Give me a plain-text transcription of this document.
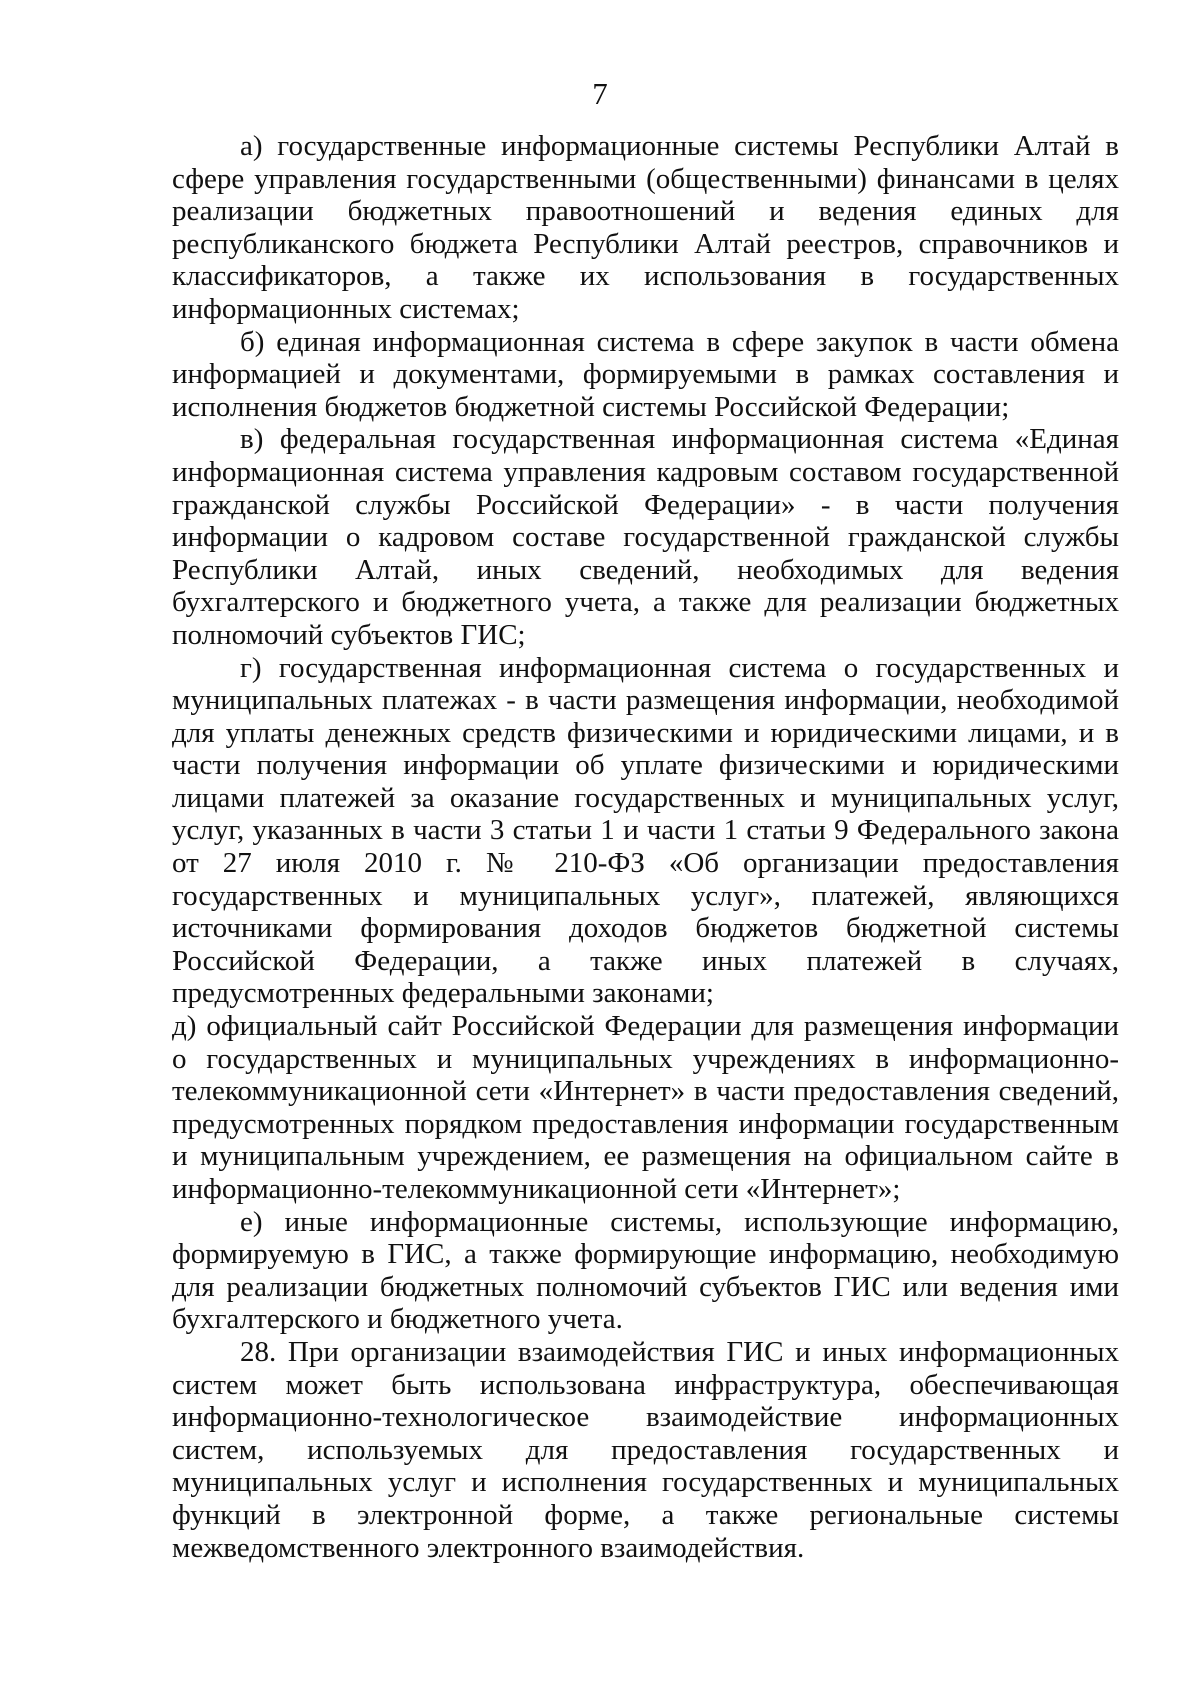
7

а) государственные информационные системы Республики Алтай в сфере управления государственными (общественными) финансами в целях реализации бюджетных правоотношений и ведения единых для республиканского бюджета Республики Алтай реестров, справочников и классификаторов, а также их использования в государственных информационных системах;

б) единая информационная система в сфере закупок в части обмена информацией и документами, формируемыми в рамках составления и исполнения бюджетов бюджетной системы Российской Федерации;

в) федеральная государственная информационная система «Единая информационная система управления кадровым составом государственной гражданской службы Российской Федерации» - в части получения информации о кадровом составе государственной гражданской службы Республики Алтай, иных сведений, необходимых для ведения бухгалтерского и бюджетного учета, а также для реализации бюджетных полномочий субъектов ГИС;

г) государственная информационная система о государственных и муниципальных платежах - в части размещения информации, необходимой для уплаты денежных средств физическими и юридическими лицами, и в части получения информации об уплате физическими и юридическими лицами платежей за оказание государственных и муниципальных услуг, услуг, указанных в части 3 статьи 1 и части 1 статьи 9 Федерального закона от 27 июля 2010 г. № 210-ФЗ «Об организации предоставления государственных и муниципальных услуг», платежей, являющихся источниками формирования доходов бюджетов бюджетной системы Российской Федерации, а также иных платежей в случаях, предусмотренных федеральными законами;

д) официальный сайт Российской Федерации для размещения информации о государственных и муниципальных учреждениях в информационно-телекоммуникационной сети «Интернет» в части предоставления сведений, предусмотренных порядком предоставления информации государственным и муниципальным учреждением, ее размещения на официальном сайте в информационно-телекоммуникационной сети «Интернет»;

е) иные информационные системы, использующие информацию, формируемую в ГИС, а также формирующие информацию, необходимую для реализации бюджетных полномочий субъектов ГИС или ведения ими бухгалтерского и бюджетного учета.

28. При организации взаимодействия ГИС и иных информационных систем может быть использована инфраструктура, обеспечивающая информационно-технологическое взаимодействие информационных систем, используемых для предоставления государственных и муниципальных услуг и исполнения государственных и муниципальных функций в электронной форме, а также региональные системы межведомственного электронного взаимодействия.
